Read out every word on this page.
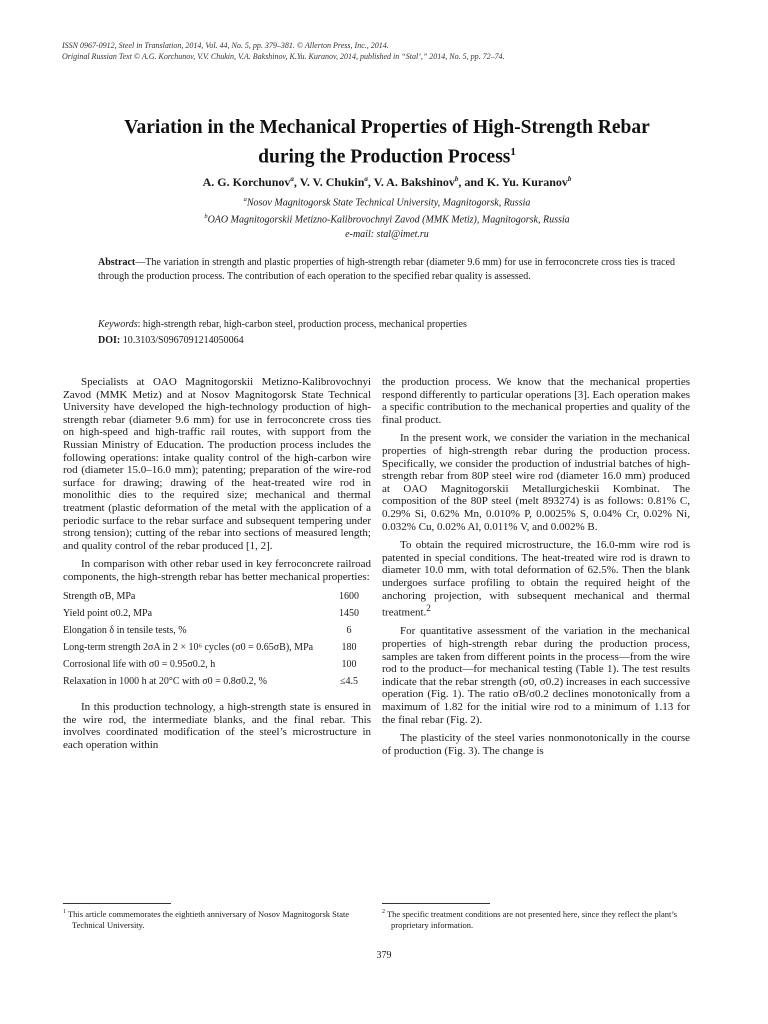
ISSN 0967-0912, Steel in Translation, 2014, Vol. 44, No. 5, pp. 379–381. © Allerton Press, Inc., 2014.
Original Russian Text © A.G. Korchunov, V.V. Chukin, V.A. Bakshinov, K.Yu. Kuranov, 2014, published in “Stal’,” 2014, No. 5, pp. 72–74.
Variation in the Mechanical Properties of High-Strength Rebar
during the Production Process$^1$
A. G. Korchunov$^a$, V. V. Chukin$^a$, V. A. Bakshinov$^b$, and K. Yu. Kuranov$^b$
$^a$Nosov Magnitogorsk State Technical University, Magnitogorsk, Russia
$^b$OAO Magnitogorskii Metizno-Kalibrovochnyi Zavod (MMK Metiz), Magnitogorsk, Russia
e-mail: stal@imet.ru
Abstract—The variation in strength and plastic properties of high-strength rebar (diameter 9.6 mm) for use in ferroconcrete cross ties is traced through the production process. The contribution of each operation to the specified rebar quality is assessed.
Keywords: high-strength rebar, high-carbon steel, production process, mechanical properties
DOI: 10.3103/S0967091214050064

Specialists at OAO Magnitogorskii Metizno-Kalibrovochnyi Zavod (MMK Metiz) and at Nosov Magnitogorsk State Technical University have developed the high-technology production of high-strength rebar (diameter 9.6 mm) for use in ferroconcrete cross ties on high-speed and high-traffic rail routes, with support from the Russian Ministry of Education. The production process includes the following operations: intake quality control of the high-carbon wire rod (diameter 15.0–16.0 mm); patenting; preparation of the wire-rod surface for drawing; drawing of the heat-treated wire rod in monolithic dies to the required size; mechanical and thermal treatment (plastic deformation of the metal with the application of a periodic surface to the rebar surface and subsequent tempering under strong tension); cutting of the rebar into sections of measured length; and quality control of the rebar produced [1, 2].

In comparison with other rebar used in key ferroconcrete railroad components, the high-strength rebar has better mechanical properties:

Strength σB, MPa	1600
Yield point σ0.2, MPa	1450
Elongation δ in tensile tests, %	6
Long-term strength 2σA in 2 × 10⁶ cycles (σ0 = 0.65σB), MPa	180
Corrosional life with σ0 = 0.95σ0.2, h	100
Relaxation in 1000 h at 20°C with σ0 = 0.8σ0.2, %	≤4.5

In this production technology, a high-strength state is ensured in the wire rod, the intermediate blanks, and the final rebar. This involves coordinated modification of the steel’s microstructure in each operation within

the production process. We know that the mechanical properties respond differently to particular operations [3]. Each operation makes a specific contribution to the mechanical properties and quality of the final product.

In the present work, we consider the variation in the mechanical properties of high-strength rebar during the production process. Specifically, we consider the production of industrial batches of high-strength rebar from 80P steel wire rod (diameter 16.0 mm) produced at OAO Magnitogorskii Metallurgicheskii Kombinat. The composition of the 80P steel (melt 893274) is as follows: 0.81% C, 0.29% Si, 0.62% Mn, 0.010% P, 0.0025% S, 0.04% Cr, 0.02% Ni, 0.032% Cu, 0.02% Al, 0.011% V, and 0.002% B.

To obtain the required microstructure, the 16.0-mm wire rod is patented in special conditions. The heat-treated wire rod is drawn to diameter 10.0 mm, with total deformation of 62.5%. Then the blank undergoes surface profiling to obtain the required height of the anchoring projection, with subsequent mechanical and thermal treatment.$^2$

For quantitative assessment of the variation in the mechanical properties of high-strength rebar during the production process, samples are taken from different points in the process—from the wire rod to the product—for mechanical testing (Table 1). The test results indicate that the rebar strength (σ0, σ0.2) increases in each successive operation (Fig. 1). The ratio σB/σ0.2 declines monotonically from a maximum of 1.82 for the initial wire rod to a minimum of 1.13 for the final rebar (Fig. 2).

The plasticity of the steel varies nonmonotonically in the course of production (Fig. 3). The change is

$^1$ This article commemorates the eightieth anniversary of Nosov Magnitogorsk State Technical University.
$^2$ The specific treatment conditions are not presented here, since they reflect the plant’s proprietary information.
379
